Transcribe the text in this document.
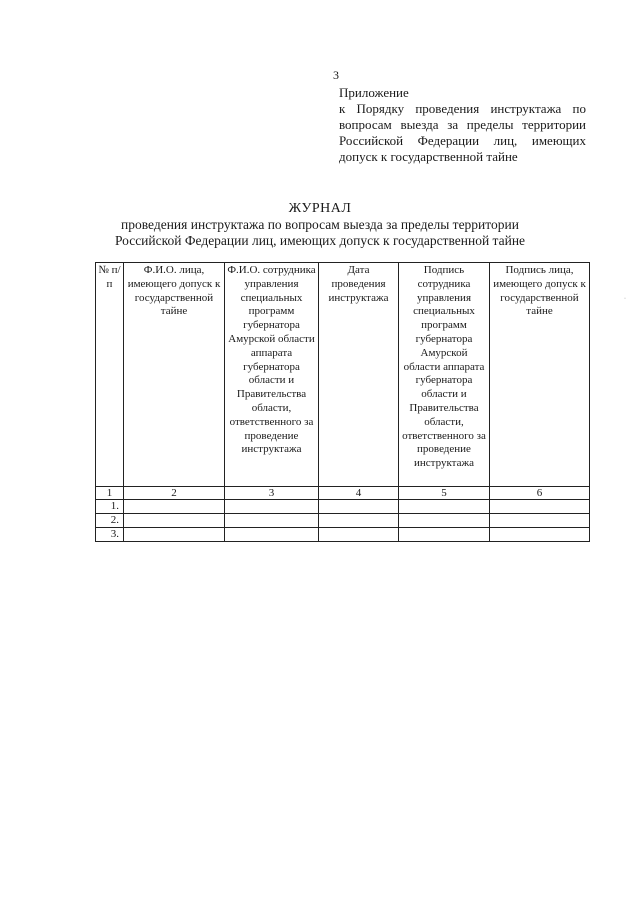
3
Приложение
к Порядку проведения инструктажа по
вопросам выезда за пределы территории
Российской Федерации лиц, имеющих
допуск к государственной тайне
ЖУРНАЛ
проведения инструктажа по вопросам выезда за пределы территории
Российской Федерации лиц, имеющих допуск к государственной тайне
№ п/п	Ф.И.О. лица, имеющего допуск к государственной тайне	Ф.И.О. сотрудника управления специальных программ губернатора Амурской области аппарата губернатора области и Правительства области, ответственного за проведение инструктажа	Дата проведения инструктажа	Подпись сотрудника управления специальных программ губернатора Амурской области аппарата губернатора области и Правительства области, ответственного за проведение инструктажа	Подпись лица, имеющего допуск к государственной тайне
1	2	3	4	5	6
1.					
2.					
3.					
·
